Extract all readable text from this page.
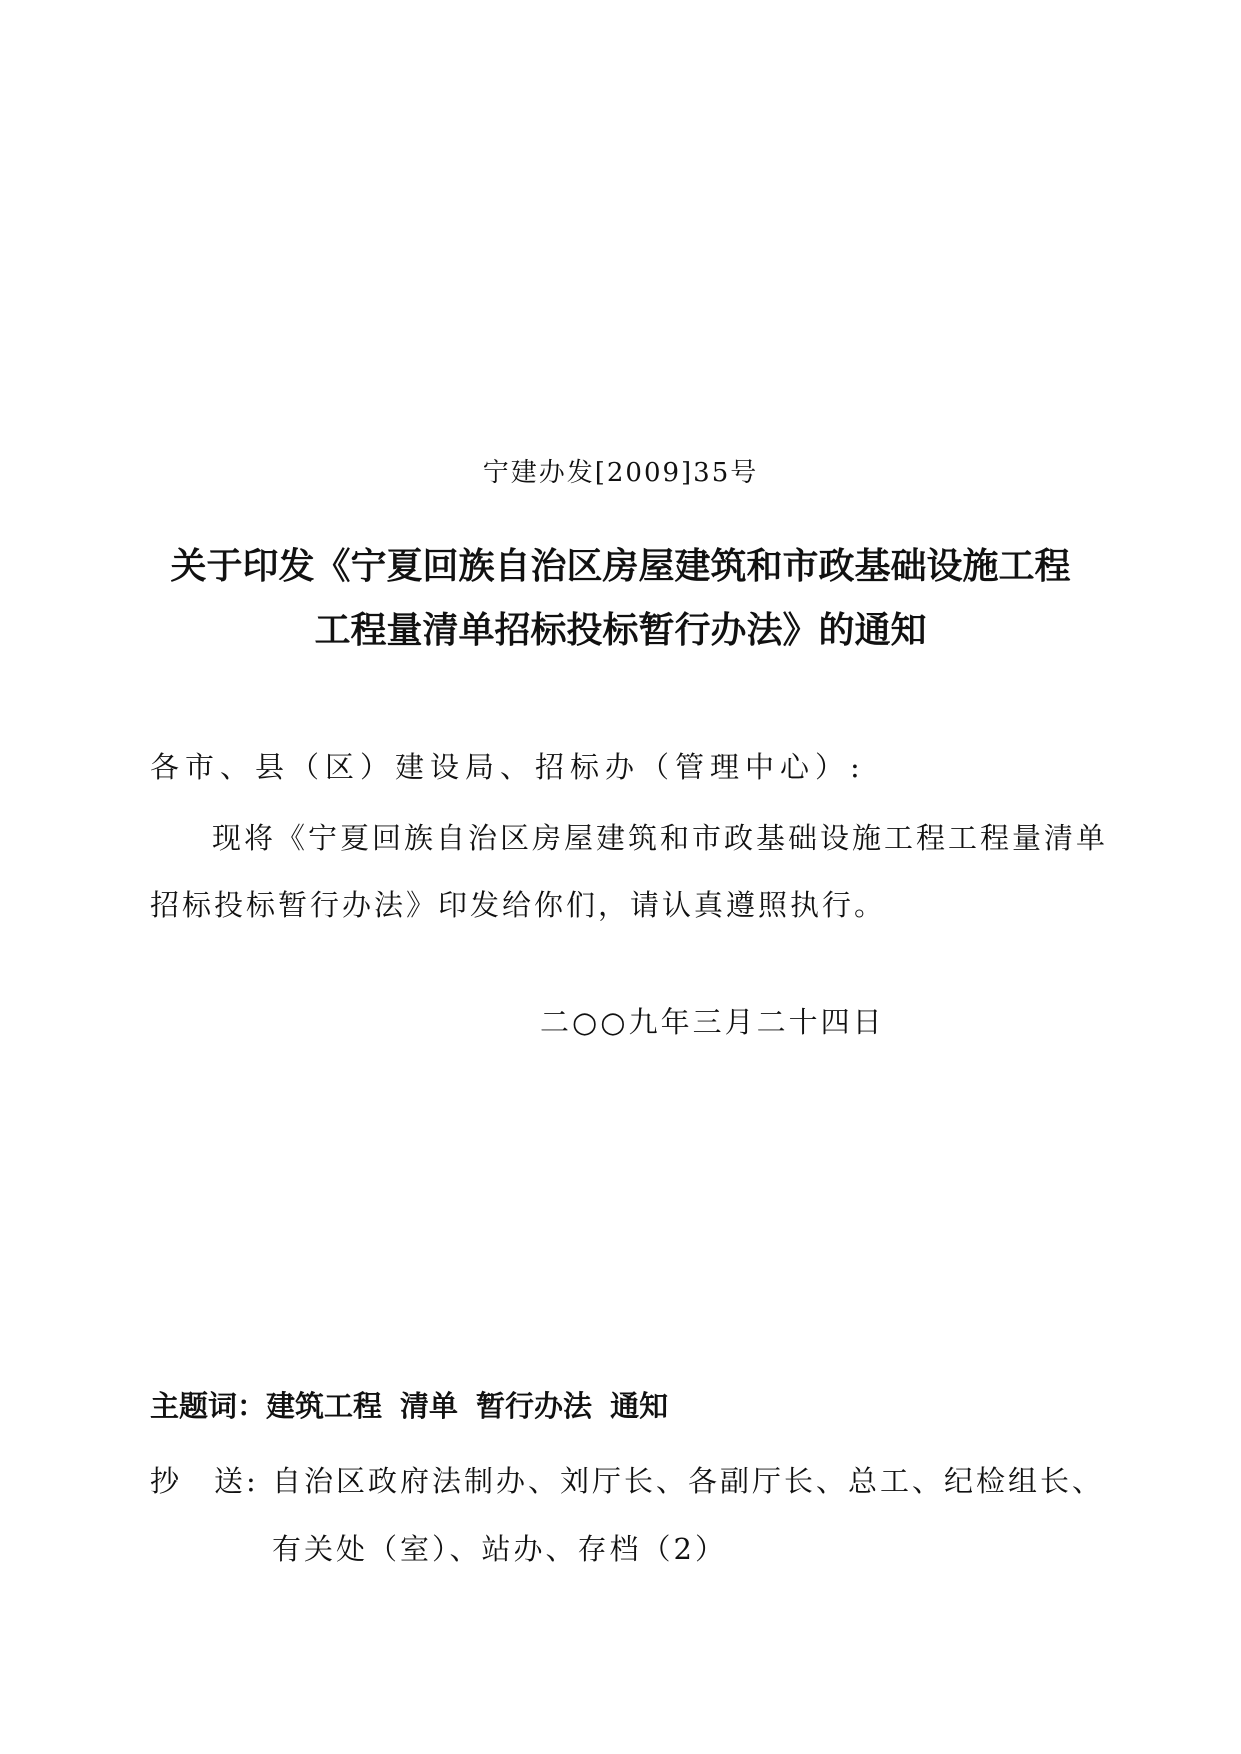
宁建办发[2009]35号
关于印发《宁夏回族自治区房屋建筑和市政基础设施工程
工程量清单招标投标暂行办法》的通知
各市、县（区）建设局、招标办（管理中心）:
现将《宁夏回族自治区房屋建筑和市政基础设施工程工程量清单
招标投标暂行办法》印发给你们，请认真遵照执行。
二○○九年三月二十四日
主题词：建筑工程 清单 暂行办法 通知
抄　送: 自治区政府法制办、刘厅长、各副厅长、总工、纪检组长、
有关处（室）、站办、存档（2）
